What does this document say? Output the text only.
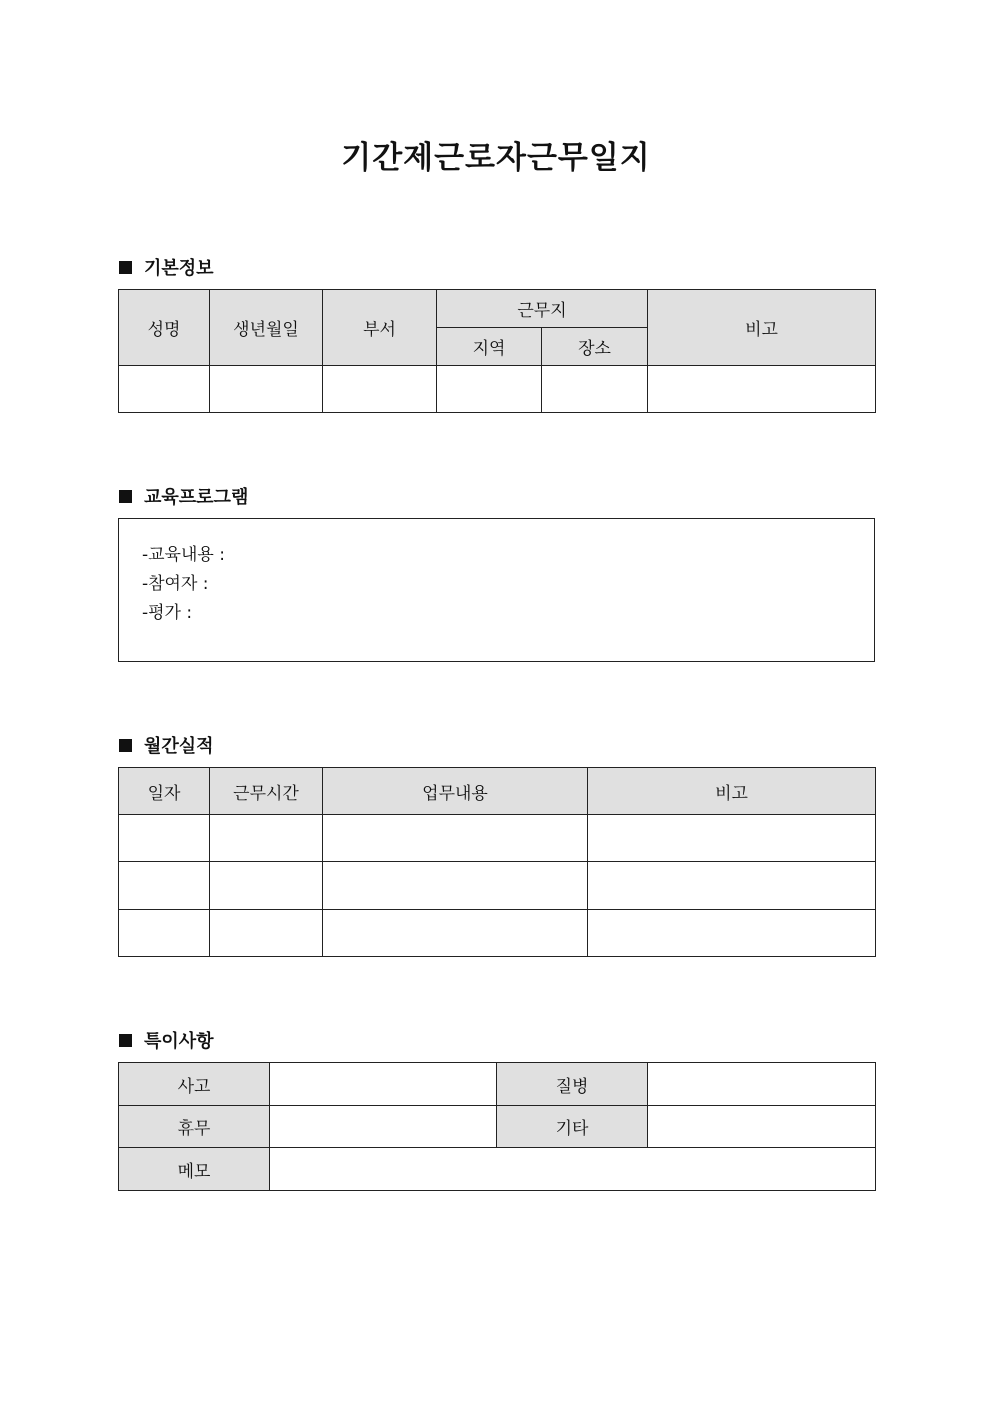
기간제근로자근무일지
기본정보
성명	생년월일	부서	근무지		비고
			지역	장소	

교육프로그램
-교육내용 :
-참여자 :
-평가 :
월간실적
일자	근무시간	업무내용	비고

특이사항
사고		질병	
휴무		기타	
메모			
